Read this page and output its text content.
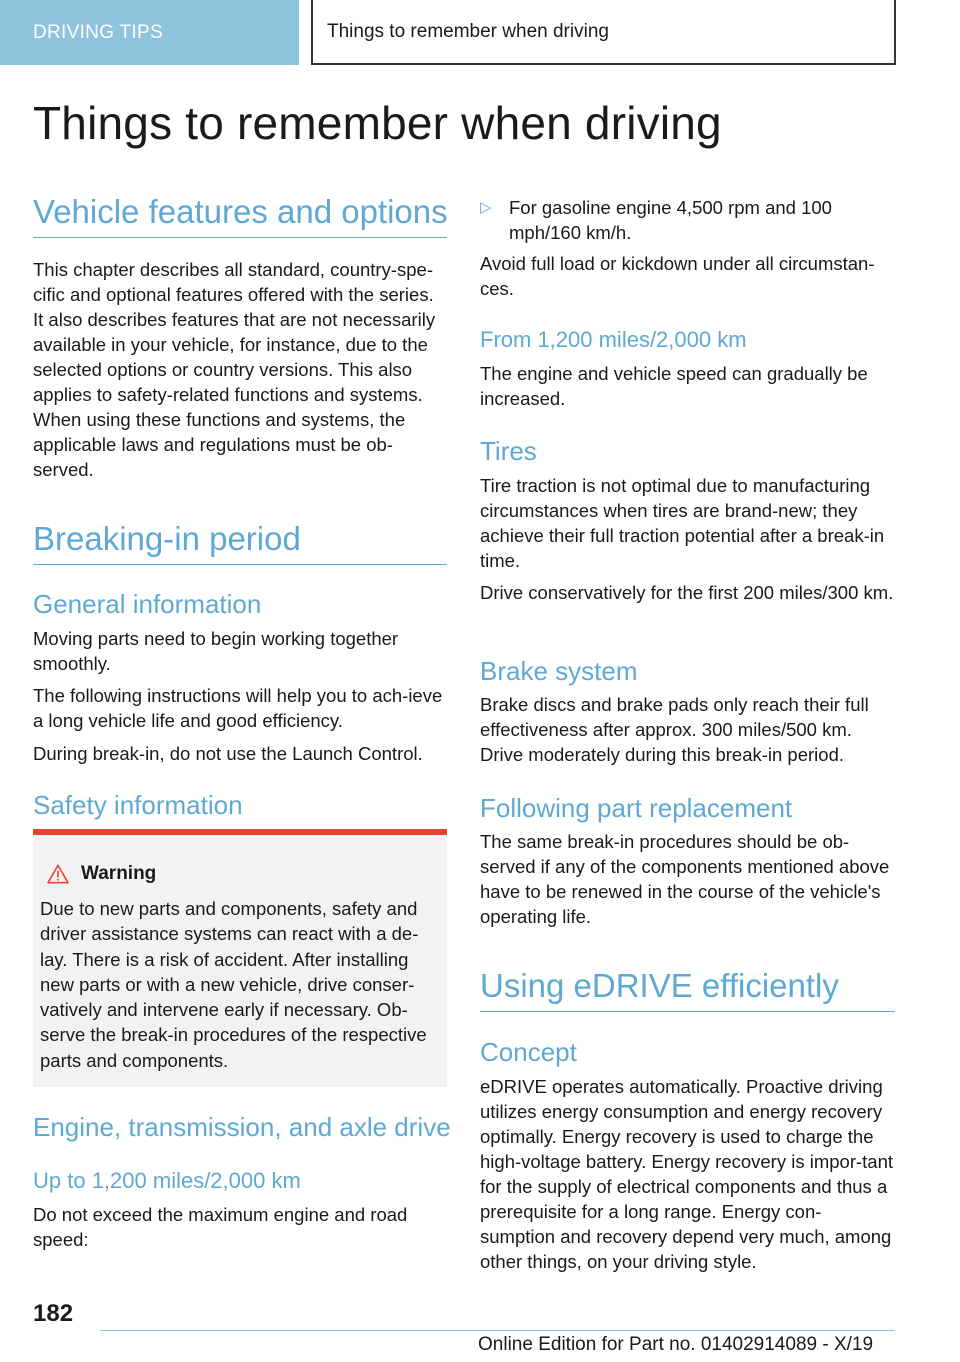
DRIVING TIPS	Things to remember when driving
Things to remember when driving
Vehicle features and options

This chapter describes all standard, country-spe-cific and optional features offered with the series. It also describes features that are not necessarily available in your vehicle, for instance, due to the selected options or country versions. This also applies to safety-related functions and systems. When using these functions and systems, the applicable laws and regulations must be ob-served.

Breaking-in period
General information

Moving parts need to begin working together smoothly.

The following instructions will help you to ach-ieve a long vehicle life and good efficiency.

During break-in, do not use the Launch Control.

Safety information
Warning

Due to new parts and components, safety and driver assistance systems can react with a de-lay. There is a risk of accident. After installing new parts or with a new vehicle, drive conser-vatively and intervene early if necessary. Ob-serve the break-in procedures of the respective parts and components.

Engine, transmission, and axle drive
Up to 1,200 miles/2,000 km

Do not exceed the maximum engine and road speed:

▷ For gasoline engine 4,500 rpm and 100 mph/160 km/h.

Avoid full load or kickdown under all circumstan-ces.

From 1,200 miles/2,000 km

The engine and vehicle speed can gradually be increased.

Tires

Tire traction is not optimal due to manufacturing circumstances when tires are brand-new; they achieve their full traction potential after a break-in time.

Drive conservatively for the first 200 miles/300 km.

Brake system

Brake discs and brake pads only reach their full effectiveness after approx. 300 miles/500 km. Drive moderately during this break-in period.

Following part replacement

The same break-in procedures should be ob-served if any of the components mentioned above have to be renewed in the course of the vehicle's operating life.

Using eDRIVE efficiently
Concept

eDRIVE operates automatically. Proactive driving utilizes energy consumption and energy recovery optimally. Energy recovery is used to charge the high-voltage battery. Energy recovery is impor-tant for the supply of electrical components and thus a prerequisite for a long range. Energy con-sumption and recovery depend very much, among other things, on your driving style.

182
Online Edition for Part no. 01402914089 - X/19
